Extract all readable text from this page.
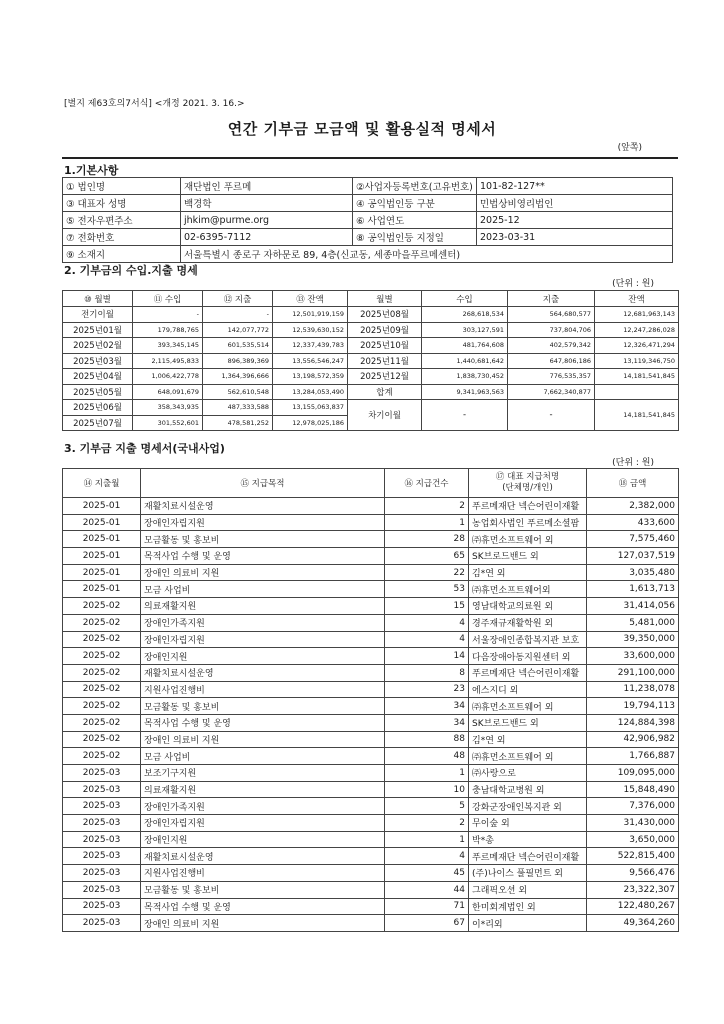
[별지 제63호의7서식] <개정 2021. 3. 16.>
연간 기부금 모금액 및 활용실적 명세서
(앞쪽)
1.기본사항
① 법인명	재단법인 푸르메	②사업자등록번호(고유번호)	101-82-127**
③ 대표자 성명	백경학	④ 공익법인등 구분	민법상비영리법인
⑤ 전자우편주소	jhkim@purme.org	⑥ 사업연도	2025-12
⑦ 전화번호	02-6395-7112	⑧ 공익법인등 지정일	2023-03-31
⑨ 소재지	서울특별시 종로구 자하문로 89, 4층(신교동, 세종마을푸르메센터)		
2. 기부금의 수입.지출 명세
(단위 : 원)
⑩ 월별	⑪ 수입	⑫ 지출	⑬ 잔액	월별	수입	지출	잔액
전기이월	-	-	12,501,919,159	2025년08월	268,618,534	564,680,577	12,681,963,143
2025년01월	179,788,765	142,077,772	12,539,630,152	2025년09월	303,127,591	737,804,706	12,247,286,028
2025년02월	393,345,145	601,535,514	12,337,439,783	2025년10월	481,764,608	402,579,342	12,326,471,294
2025년03월	2,115,495,833	896,389,369	13,556,546,247	2025년11월	1,440,681,642	647,806,186	13,119,346,750
2025년04월	1,006,422,778	1,364,396,666	13,198,572,359	2025년12월	1,838,730,452	776,535,357	14,181,541,845
2025년05월	648,091,679	562,610,548	13,284,053,490	합계	9,341,963,563	7,662,340,877	
2025년06월	358,343,935	487,333,588	13,155,063,837	차기이월	-	-	14,181,541,845
2025년07월	301,552,601	478,581,252	12,978,025,186				
3. 기부금 지출 명세서(국내사업)
(단위 : 원)
⑭ 지출월	⑮ 지급목적	⑯ 지급건수	⑰ 대표 지급처명
(단체명/개인)	⑱ 금액
2025-01	재활치료시설운영	2	푸르메재단 넥슨어린이재활	2,382,000
2025-01	장애인자립지원	1	농업회사법인 푸르메소셜팜	433,600
2025-01	모금활동 및 홍보비	28	㈜휴먼소프트웨어 외	7,575,460
2025-01	목적사업 수행 및 운영	65	SK브로드밴드 외	127,037,519
2025-01	장애인 의료비 지원	22	김*연 외	3,035,480
2025-01	모금 사업비	53	㈜휴먼소프트웨어외	1,613,713
2025-02	의료재활지원	15	영남대학교의료원 외	31,414,056
2025-02	장애인가족지원	4	경주재규재활학원 외	5,481,000
2025-02	장애인자립지원	4	서울장애인종합복지관 보호	39,350,000
2025-02	장애인지원	14	다음장애아동지원센터 외	33,600,000
2025-02	재활치료시설운영	8	푸르메재단 넥슨어린이재활	291,100,000
2025-02	지원사업진행비	23	에스지디 외	11,238,078
2025-02	모금활동 및 홍보비	34	㈜휴먼소프트웨어 외	19,794,113
2025-02	목적사업 수행 및 운영	34	SK브로드밴드 외	124,884,398
2025-02	장애인 의료비 지원	88	김*연 외	42,906,982
2025-02	모금 사업비	48	㈜휴먼소프트웨어 외	1,766,887
2025-03	보조기구지원	1	㈜사랑으로	109,095,000
2025-03	의료재활지원	10	충남대학교병원 외	15,848,490
2025-03	장애인가족지원	5	강화군장애인복지관 외	7,376,000
2025-03	장애인자립지원	2	무이숲 외	31,430,000
2025-03	장애인지원	1	박*총	3,650,000
2025-03	재활치료시설운영	4	푸르메재단 넥슨어린이재활	522,815,400
2025-03	지원사업진행비	45	(주)나이스 풀필먼트 외	9,566,476
2025-03	모금활동 및 홍보비	44	그래픽오션 외	23,322,307
2025-03	목적사업 수행 및 운영	71	한미회계법인 외	122,480,267
2025-03	장애인 의료비 지원	67	이*리외	49,364,260
